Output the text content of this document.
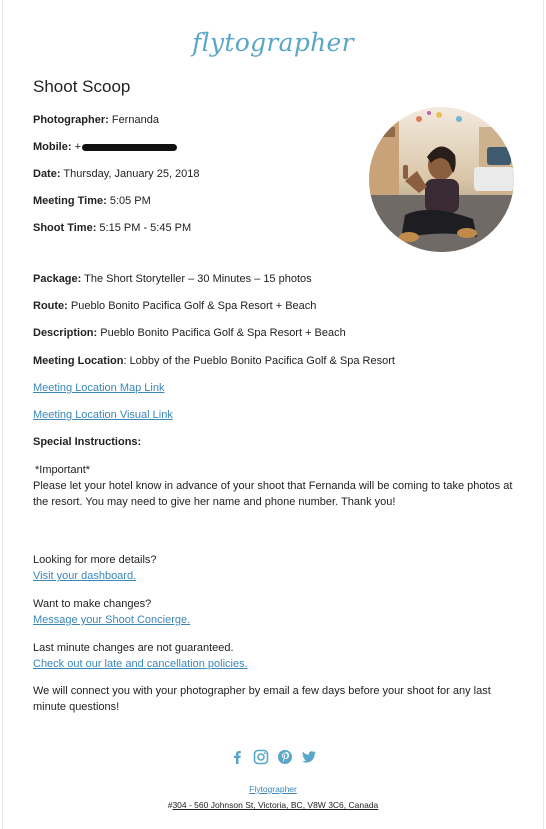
flytographer
Shoot Scoop
Photographer: Fernanda
Mobile: +
Date: Thursday, January 25, 2018
Meeting Time: 5:05 PM
Shoot Time: 5:15 PM - 5:45 PM
Package: The Short Storyteller – 30 Minutes – 15 photos
Route: Pueblo Bonito Pacifica Golf & Spa Resort + Beach
Description: Pueblo Bonito Pacifica Golf & Spa Resort + Beach
Meeting Location: Lobby of the Pueblo Bonito Pacifica Golf & Spa Resort
Meeting Location Map Link
Meeting Location Visual Link
Special Instructions:
*Important*
Please let your hotel know in advance of your shoot that Fernanda will be coming to take photos at the resort. You may need to give her name and phone number. Thank you!
Looking for more details?
Visit your dashboard.
Want to make changes?
Message your Shoot Concierge.
Last minute changes are not guaranteed.
Check out our late and cancellation policies.
We will connect you with your photographer by email a few days before your shoot for any last minute questions!
Flytographer
#304 - 560 Johnson St, Victoria, BC, V8W 3C6, Canada
